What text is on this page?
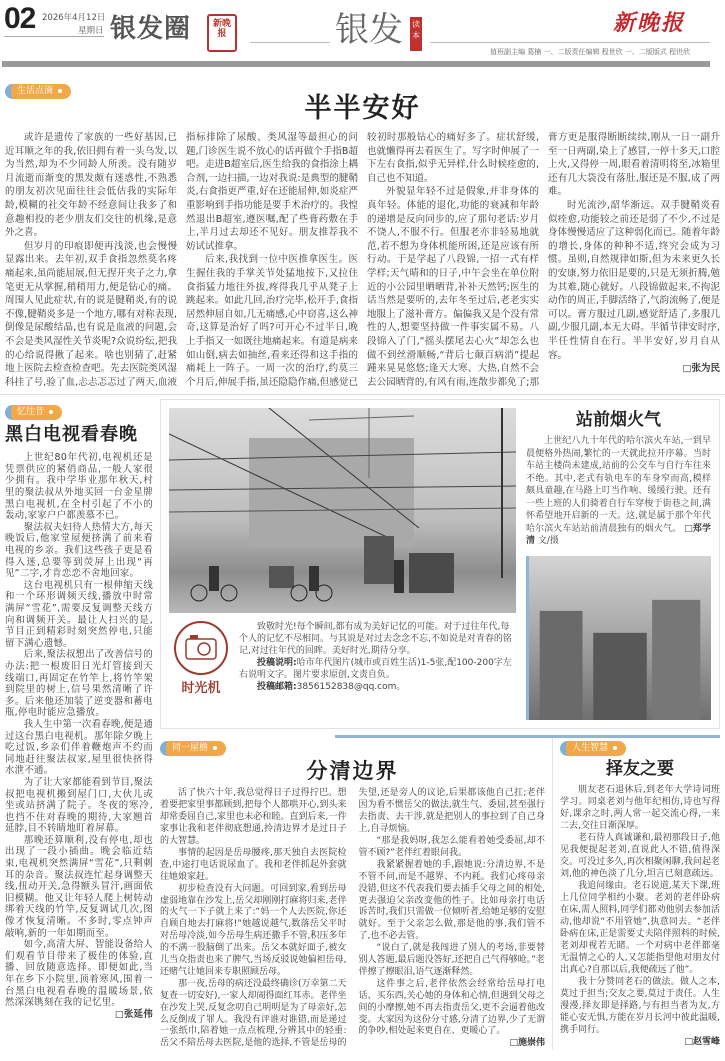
02 2026年4月12日
星期日 银发圈	新晚报	银发 读本	新晚报
值班副主编 葛楠 一、二版责任编辑 程世欣 一、二版版式 程世欣
生活点滴
半半安好

或许是遗传了家族的一些好基因,已近耳顺之年的我,依旧拥有着一头乌发,以为当然,却为不少同龄人所羡。没有随岁月流逝而渐变的黑发颇有迷惑性,不熟悉的朋友初次见面往往会低估我的实际年龄,模糊的社交年龄不经意间让我多了和意趣相投的老少朋友们交往的机缘,是意外之喜。

但岁月的印痕即便再浅淡,也会慢慢显露出来。去年初,双手食指忽然莫名疼痛起来,虽尚能屈展,但无捏开夹子之力,拿笔更无从掌握,稍稍用力,便是钻心的痛。周围人见此症状,有的说是腱鞘炎,有的说不像,腱鞘炎多是一个地方,哪有对称表现,倒像是尿酸结晶,也有说是血液的问题,会不会是类风湿性关节炎呢?众说纷纭,把我的心给说得揪了起来。啥也别猜了,赶紧地上医院去检查检查吧。先去医院类风湿科挂了号,验了血,忐忐忑忑过了两天,血液指标排除了尿酸、类风湿等最担心的问题,门诊医生说不放心的话再做个手指B超吧。走进B超室后,医生给我的食指涂上耦合剂,一边扫描,一边对我说:是典型的腱鞘炎,右食指更严重,好在还能屈伸,如炎症严重影响到手指功能是要手术治疗的。我惶然退出B超室,遵医嘱,配了些膏药敷在手上,半月过去却还不见好。朋友推荐我不妨试试推拿。

后来,我找到一位中医推拿医生。医生握住我的手掌关节处猛地按下,又拉住食指猛力地往外拔,疼得我几乎从凳子上跳起来。如此几回,治疗完毕,松开手,食指居然伸屈自如,几无痛感,心中窃喜,这么神奇,这算是治好了吗?可开心不过半日,晚上手指又一如既往地痛起来。有道是病来如山倒,病去如抽丝,看来还得和这手指的痛耗上一阵子。一周一次的治疗,约莫三个月后,伸展手指,虽还隐隐作痛,但感觉已较初时那般钻心的痛好多了。症状舒缓,也就懒得再去看医生了。写字时伸展了一下左右食指,似乎无异样,什么时候痊愈的,自己也不知道。

外貌显年轻不过是假象,并非身体的真年轻。体能的退化,功能的衰减和年龄的递增是反向同步的,应了那句老话:岁月不饶人,不服不行。但服老亦非轻易地就范,若不想为身体机能所困,还是应该有所行动。于是学起了八段锦,一招一式有样学样;天气晴和的日子,中午会坐在单位附近的小公园里晒晒背,补补天然钙;医生的话当然是要听的,去年冬至过后,老老实实地服上了滋补膏方。偏偏我又是个没有常性的人,想要坚持做一件事实属不易。八段锦入了门,“摇头摆尾去心火”却怎么也做不到丝滑顺畅,“背后七颠百病消”提起踵来晃晃悠悠;逢天大寒、大热,自然不会去公园晒背的,有风有雨,连散步都免了;那膏方更是服得断断续续,刚从一日一副升至一日两副,染上了感冒,一停十多天,口腔上火,又得停一周,眼看着清明将至,冰箱里还有几大袋没有落肚,服还是不服,成了两难。

时光流沙,韶华渐远。双手腱鞘炎看似痊愈,功能较之前还是弱了不少,不过是身体慢慢适应了这种弱化而已。随着年龄的增长,身体的种种不适,终究会成为习惯。虽则,自然规律如斯,但为未来更久长的安康,努力依旧是要的,只是无须折腾,勉为其难,随心就好。八段锦做起来,不拘泥动作的周正,手脚活络了,气韵流畅了,便是可以。膏方服过几副,感觉舒适了,多服几副,少服几副,本无大碍。半循节律安时序,半任性情自在行。半半安好,岁月自从容。

□张为民
忆往昔
黑白电视看春晚

上世纪80年代初,电视机还是凭票供应的紧俏商品,一般人家很少拥有。我中学毕业那年秋天,村里的聚法叔从外地买回一台金星牌黑白电视机,在全村引起了不小的轰动,家家户户都羡慕不已。

聚法叔夫妇待人热情大方,每天晚饭后,他家堂屋便挤满了前来看电视的乡亲。我们这些孩子更是看得入迷,总要等到荧屏上出现“再见”二字,才肯恋恋不舍地回家。

这台电视机只有一根伸缩天线和一个环形调频天线,播放中时常满屏“雪花”,需要反复调整天线方向和调频开关。最让人扫兴的是,节目正到精彩时刻突然停电,只能留下满心遗憾。

后来,聚法叔想出了改善信号的办法:把一根废旧日光灯管接到天线端口,再固定在竹竿上,将竹竿架到院里的树上,信号果然清晰了许多。后来他还加装了逆变器和蓄电瓶,停电时能应急播放。

我人生中第一次看春晚,便是通过这台黑白电视机。那年除夕晚上吃过饭,乡亲们伴着鞭炮声不约而同地赶往聚法叔家,屋里很快挤得水泄不通。

为了让大家都能看到节目,聚法叔把电视机搬到屋门口,大伙儿或坐或站挤满了院子。冬夜的寒冷,也挡不住对春晚的期待,大家翘首延脖,目不转睛地盯着屏幕。

那晚还算顺利,没有停电,却也出现了一段小插曲。晚会临近结束,电视机突然满屏“雪花”,只剩刺耳的杂音。聚法叔连忙起身调整天线,扭动开关,急得额头冒汗,画面依旧模糊。他又让年轻人爬上树转动绑着天线的竹竿,反复调试几次,图像才恢复清晰。不多时,零点钟声敲响,新的一年如期而至。

如今,高清大屏、智能设备给人们观看节目带来了极佳的体验,直播、回放随意选择。即便如此,当年在乡下小院里,顶着寒风,围着一台黑白电视看春晚的温暖场景,依然深深镌刻在我的记忆里。

□张延伟
时光机
致敬时光!每个瞬间,都有成为美好记忆的可能。对于过往年代,每个人的记忆不尽相同。与其说是对过去念念不忘,不如说是对青春的铭记,对过往年代的回眸。美好时光,期待分享。
投稿说明:哈市年代图片(城市或百姓生活)1-5张,配100-200字左右说明文字。图片要求原创,文责自负。
投稿邮箱:3856152838@qq.com。
站前烟火气
上世纪八九十年代的哈尔滨火车站,一到早晨便格外热闹,繁忙的一天就此拉开序幕。当时车站主楼尚未建成,站前的公交车与自行车往来不绝。其中,老式有轨电车的车身窄而高,模样颇具童趣,在马路上叮当作响、缓缓行驶。还有一些上班的人们骑着自行车穿梭于街巷之间,满怀希望地开启新的一天。这,就是属于那个年代哈尔滨火车站站前清晨独有的烟火气。 □郑学清 文/摄
同一屋檐
分清边界

活了快六十年,我总觉得日子过得拧巴。想着要把家里事都顾到,把每个人都哄开心,到头来却常委屈自己,家里也未必和睦。直到后来,一件家事让我和老伴彻底想通,拎清边界才是过日子的大智慧。

事情的起因是岳母腰疼,那天独自去医院检查,中途打电话说尿血了。我和老伴抓起外套就往她娘家赶。

初步检查没有大问题。可回到家,看到岳母虚弱地靠在沙发上,岳父却刚刚打麻将归来,老伴的火气一下子就上来了:“妈一个人去医院,你还自顾自地去打麻将!”她越说越气,数落岳父平时对岳母冷淡,如今岳母生病还撒手不管,积压多年的不满一股脑倒了出来。岳父本就好面子,被女儿当众指责也来了脾气,当场反驳说她偏袒岳母,还赌气让她回来专职照顾岳母。

那一夜,岳母的病还没最终确诊(万幸第二天复查一切安好),一家人却闹得面红耳赤。老伴坐在沙发上哭,反复念叨自己明明是为了母亲好,怎么反倒成了罪人。我没有评谁对谁错,而是递过一张纸巾,陪着她一点点梳理,分辨其中的轻重:岳父不陪岳母去医院,是他的选择,不管是岳母的失望,还是旁人的议论,后果都该他自己扛;老伴因为看不惯岳父的做法,就生气、委屈,甚至强行去指责、去干涉,就是把别人的事拉到了自己身上,自寻烦恼。

“那是我妈呀,我怎么能看着她受委屈,却不管不顾?”老伴红着眼问我。

我紧紧握着她的手,跟她说:分清边界,不是不管不问,而是不越界、不内耗。我们心疼母亲没错,但这不代表我们要去插手父母之间的相处,更去强迫父亲改变他的性子。比如母亲打电话诉苦时,我们只需做一位倾听者,给她足够的安慰就好。至于父亲怎么做,那是他的事,我们管不了,也不必去管。

“说白了,就是我闯进了别人的考场,非要替别人答题,最后题没答好,还把自己气得够呛。”老伴擦了擦眼泪,语气逐渐释然。

这件事之后,老伴依然会经常给岳母打电话、买东西,关心她的身体和心情,但遇到父母之间的小摩擦,她不再去指责岳父,更不会逼着他改变。大家因为这份分寸感,分清了边界,少了无谓的争吵,相处起来更自在、更暖心了。

□施崇伟
人生智慧
择友之要

朋友老石退休后,到老年大学诗词班学习。同桌老刘与他年纪相仿,诗也写得好,课余之时,两人常一起交流心得,一来二去,交往日渐深厚。

老石待人真诚谦和,最初那段日子,他见我便提起老刘,直说此人不错,值得深交。可没过多久,再次相聚闲聊,我问起老刘,他的神色淡了几分,坦言已刻意疏远。

我追问缘由。老石说道,某天下课,班上几位同学相约小聚。老刘的老伴卧病在床,需人照料,同学们都劝他别去参加活动,他却说“不用管她”,执意同去。“老伴卧病在床,正是需要丈夫陪伴照料的时候,老刘却视若无睹。一个对病中老伴都毫无温情之心的人,又怎能指望他对朋友付出真心?自那以后,我便疏远了他”。

我十分赞同老石的做法。做人之本,莫过于担当;交友之要,莫过于责任。人生漫漫,择友即是择路,与有担当者为友,方能心安无惧,方能在岁月长河中彼此温暖,携手同行。

□赵雪峰
